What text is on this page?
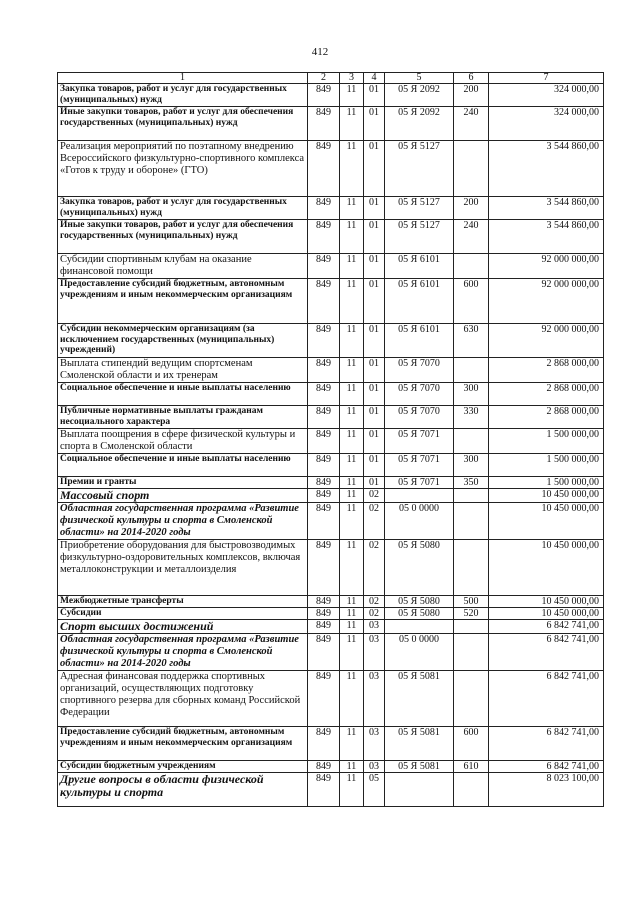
412
1	2	3	4	5	6	7
Закупка товаров, работ и услуг для государственных (муниципальных) нужд	849	11	01	05 Я 2092	200	324 000,00
Иные закупки товаров, работ и услуг для обеспечения государственных (муниципальных) нужд	849	11	01	05 Я 2092	240	324 000,00
Реализация мероприятий по поэтапному внедрению Всероссийского физкультурно-спортивного комплекса «Готов к труду и обороне» (ГТО)	849	11	01	05 Я 5127		3 544 860,00
Закупка товаров, работ и услуг для государственных (муниципальных) нужд	849	11	01	05 Я 5127	200	3 544 860,00
Иные закупки товаров, работ и услуг для обеспечения государственных (муниципальных) нужд	849	11	01	05 Я 5127	240	3 544 860,00
Субсидии спортивным клубам на оказание финансовой помощи	849	11	01	05 Я 6101		92 000 000,00
Предоставление субсидий бюджетным, автономным учреждениям и иным некоммерческим организациям	849	11	01	05 Я 6101	600	92 000 000,00
Субсидии некоммерческим организациям (за исключением государственных (муниципальных) учреждений)	849	11	01	05 Я 6101	630	92 000 000,00
Выплата стипендий ведущим спортсменам Смоленской области и их тренерам	849	11	01	05 Я 7070		2 868 000,00
Социальное обеспечение и иные выплаты населению	849	11	01	05 Я 7070	300	2 868 000,00
Публичные нормативные выплаты гражданам несоциального характера	849	11	01	05 Я 7070	330	2 868 000,00
Выплата поощрения в сфере физической культуры и спорта в Смоленской области	849	11	01	05 Я 7071		1 500 000,00
Социальное обеспечение и иные выплаты населению	849	11	01	05 Я 7071	300	1 500 000,00
Премии и гранты	849	11	01	05 Я 7071	350	1 500 000,00
Массовый спорт	849	11	02			10 450 000,00
Областная государственная программа «Развитие физической культуры и спорта в Смоленской области» на 2014-2020 годы	849	11	02	05 0 0000		10 450 000,00
Приобретение оборудования для быстровозводимых физкультурно-оздоровительных комплексов, включая металлоконструкции и металлоизделия	849	11	02	05 Я 5080		10 450 000,00
Межбюджетные трансферты	849	11	02	05 Я 5080	500	10 450 000,00
Субсидии	849	11	02	05 Я 5080	520	10 450 000,00
Спорт высших достижений	849	11	03			6 842 741,00
Областная государственная программа «Развитие физической культуры и спорта в Смоленской области» на 2014-2020 годы	849	11	03	05 0 0000		6 842 741,00
Адресная финансовая поддержка спортивных организаций, осуществляющих подготовку спортивного резерва для сборных команд Российской Федерации	849	11	03	05 Я 5081		6 842 741,00
Предоставление субсидий бюджетным, автономным учреждениям и иным некоммерческим организациям	849	11	03	05 Я 5081	600	6 842 741,00
Субсидии бюджетным учреждениям	849	11	03	05 Я 5081	610	6 842 741,00
Другие вопросы в области физической культуры и спорта	849	11	05			8 023 100,00
